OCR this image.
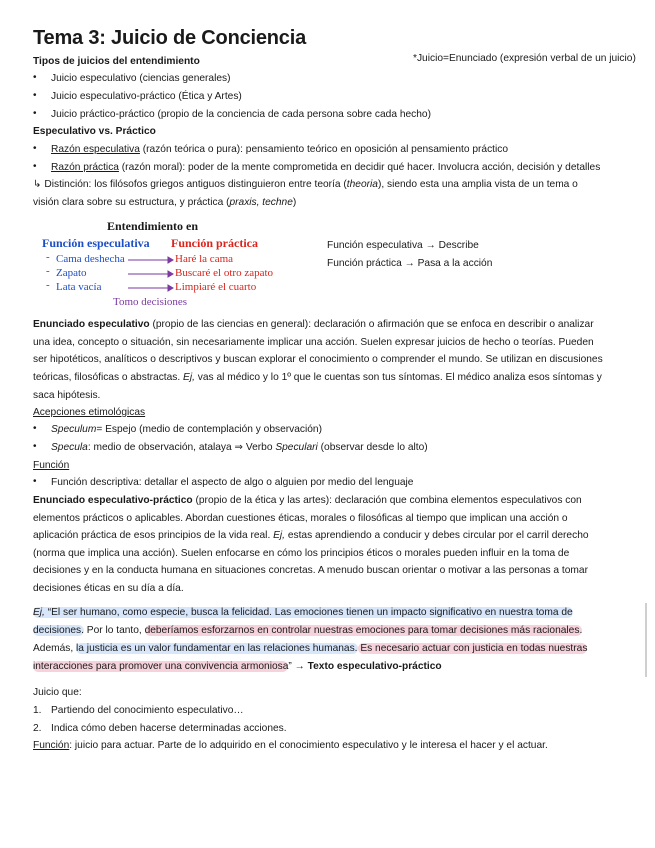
Tema 3: Juicio de Conciencia
*Juicio=Enunciado (expresión verbal de un juicio)
Tipos de juicios del entendimiento
• Juicio especulativo (ciencias generales)
• Juicio especulativo-práctico (Ética y Artes)
• Juicio práctico-práctico (propio de la conciencia de cada persona sobre cada hecho)
Especulativo vs. Práctico
• Razón especulativa (razón teórica o pura): pensamiento teórico en oposición al pensamiento práctico
• Razón práctica (razón moral): poder de la mente comprometida en decidir qué hacer. Involucra acción, decisión y detalles
↳ Distinción: los filósofos griegos antiguos distinguieron entre teoría (theoria), siendo esta una amplia vista de un tema o
visión clara sobre su estructura, y práctica (praxis, techne)
Entendimiento en
Función especulativa Función práctica
- Cama deshecha
- Zapato
- Lata vacía
Haré la cama
Buscaré el otro zapato
Limpiaré el cuarto
Tomo decisiones
Función especulativa → Describe
Función práctica → Pasa a la acción
Enunciado especulativo (propio de las ciencias en general): declaración o afirmación que se enfoca en describir o analizar
una idea, concepto o situación, sin necesariamente implicar una acción. Suelen expresar juicios de hecho o teorías. Pueden
ser hipotéticos, analíticos o descriptivos y buscan explorar el conocimiento o comprender el mundo. Se utilizan en discusiones
teóricas, filosóficas o abstractas. Ej, vas al médico y lo 1º que le cuentas son tus síntomas. El médico analiza esos síntomas y
saca hipótesis.
Acepciones etimológicas
• Speculum= Espejo (medio de contemplación y observación)
• Specula: medio de observación, atalaya ⇒ Verbo Speculari (observar desde lo alto)
Función
• Función descriptiva: detallar el aspecto de algo o alguien por medio del lenguaje
Enunciado especulativo-práctico (propio de la ética y las artes): declaración que combina elementos especulativos con
elementos prácticos o aplicables. Abordan cuestiones éticas, morales o filosóficas al tiempo que implican una acción o
aplicación práctica de esos principios de la vida real. Ej, estas aprendiendo a conducir y debes circular por el carril derecho
(norma que implica una acción). Suelen enfocarse en cómo los principios éticos o morales pueden influir en la toma de
decisiones y en la conducta humana en situaciones concretas. A menudo buscan orientar o motivar a las personas a tomar
decisiones éticas en su día a día.
Ej, “El ser humano, como especie, busca la felicidad. Las emociones tienen un impacto significativo en nuestra toma de
decisiones. Por lo tanto, deberíamos esforzarnos en controlar nuestras emociones para tomar decisiones más racionales.
Además, la justicia es un valor fundamentar en las relaciones humanas. Es necesario actuar con justicia en todas nuestras
interacciones para promover una convivencia armoniosa” → Texto especulativo-práctico
Juicio que:
1. Partiendo del conocimiento especulativo…
2. Indica cómo deben hacerse determinadas acciones.
Función: juicio para actuar. Parte de lo adquirido en el conocimiento especulativo y le interesa el hacer y el actuar.
